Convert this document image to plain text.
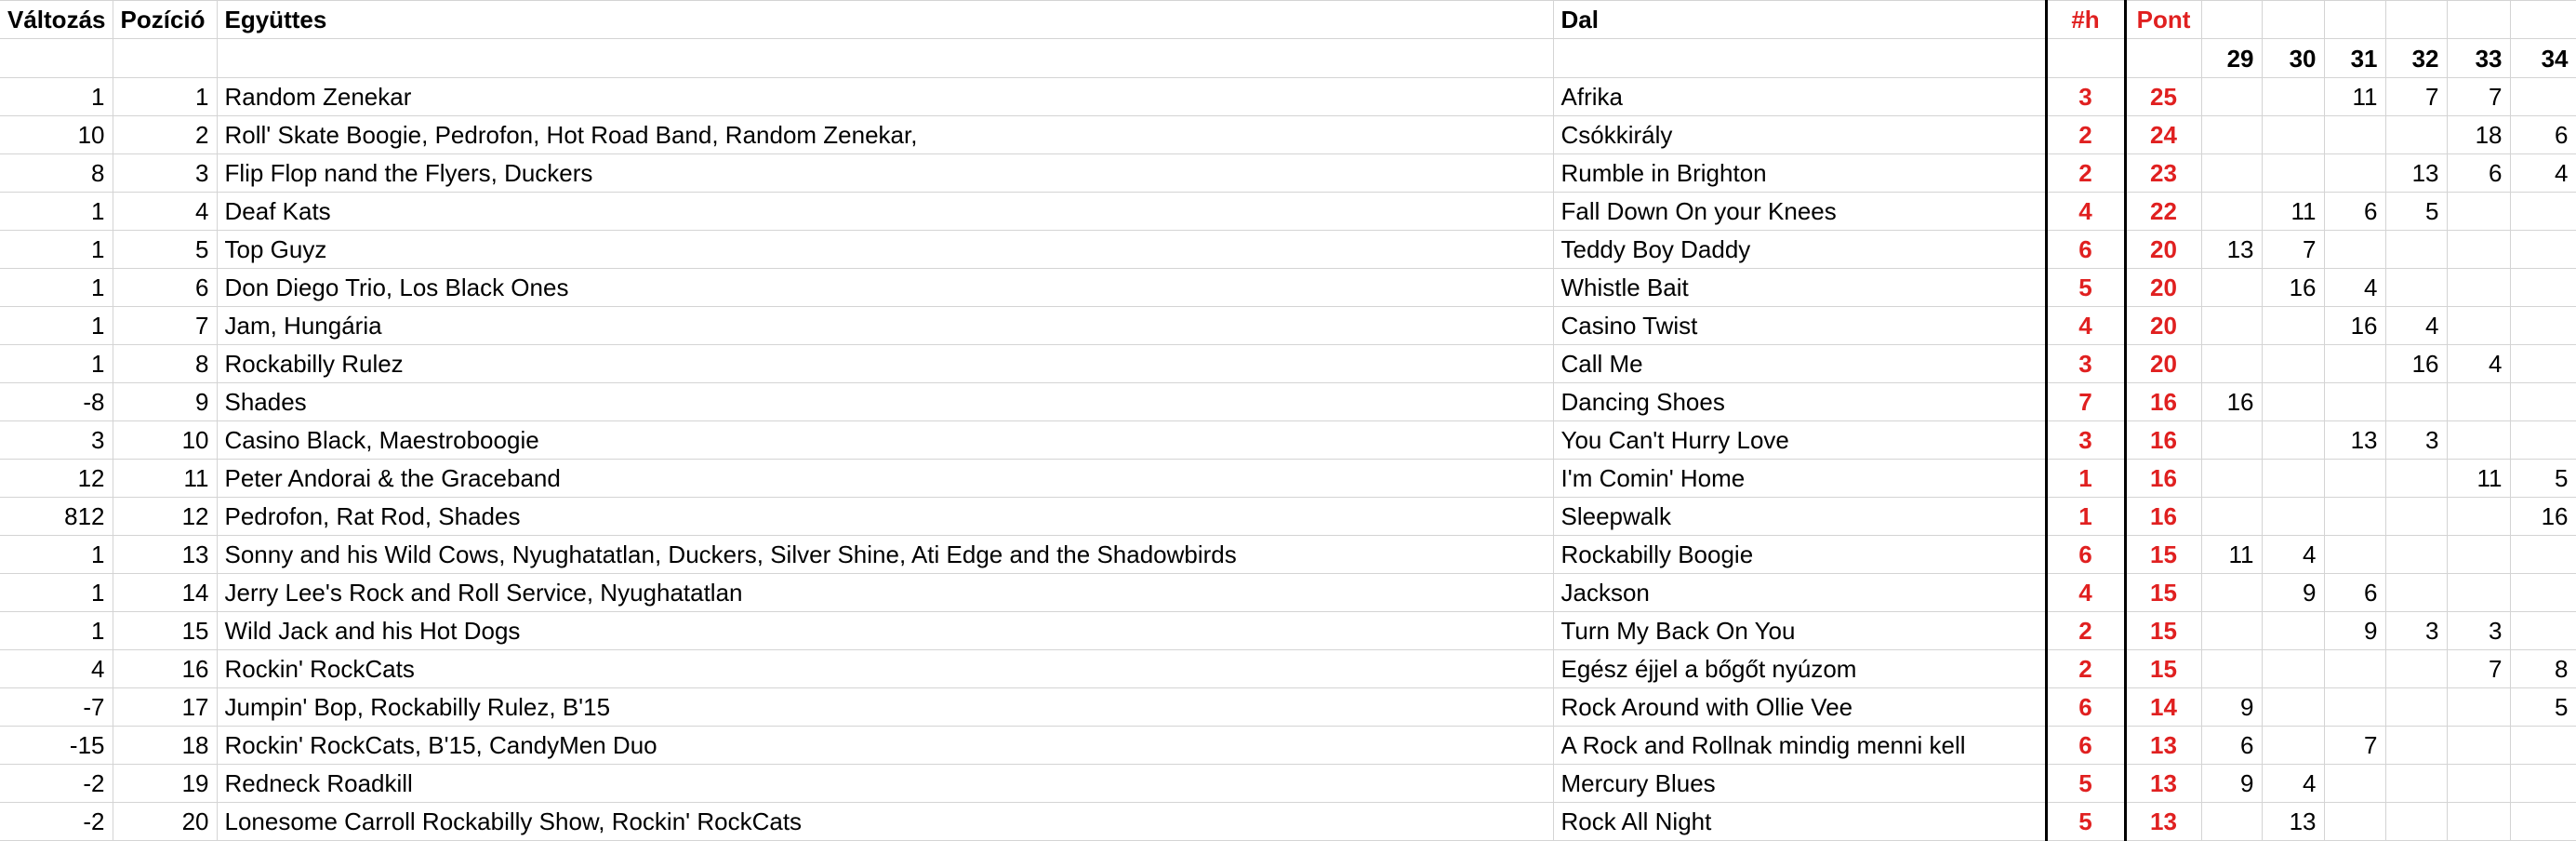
Változás	Pozíció	Együttes	Dal	#h	Pont						
						29	30	31	32	33	34
1	1	Random Zenekar	Afrika	3	25			11	7	7	
10	2	Roll' Skate Boogie, Pedrofon, Hot Road Band, Random Zenekar,	Csókkirály	2	24					18	6
8	3	Flip Flop nand the Flyers, Duckers	Rumble in Brighton	2	23				13	6	4
1	4	Deaf Kats	Fall Down On your Knees	4	22		11	6	5		
1	5	Top Guyz	Teddy Boy Daddy	6	20	13	7				
1	6	Don Diego Trio, Los Black Ones	Whistle Bait	5	20		16	4			
1	7	Jam, Hungária	Casino Twist	4	20			16	4		
1	8	Rockabilly Rulez	Call Me	3	20				16	4	
-8	9	Shades	Dancing Shoes	7	16	16					
3	10	Casino Black, Maestroboogie	You Can't Hurry Love	3	16			13	3		
12	11	Peter Andorai & the Graceband	I'm Comin' Home	1	16					11	5
812	12	Pedrofon, Rat Rod, Shades	Sleepwalk	1	16						16
1	13	Sonny and his Wild Cows, Nyughatatlan, Duckers, Silver Shine, Ati Edge and the Shadowbirds	Rockabilly Boogie	6	15	11	4				
1	14	Jerry Lee's Rock and Roll Service, Nyughatatlan	Jackson	4	15		9	6			
1	15	Wild Jack and his Hot Dogs	Turn My Back On You	2	15			9	3	3	
4	16	Rockin' RockCats	Egész éjjel a bőgőt nyúzom	2	15					7	8
-7	17	Jumpin' Bop, Rockabilly Rulez, B'15	Rock Around with Ollie Vee	6	14	9					5
-15	18	Rockin' RockCats, B'15, CandyMen Duo	A Rock and Rollnak mindig menni kell	6	13	6		7			
-2	19	Redneck Roadkill	Mercury Blues	5	13	9	4				
-2	20	Lonesome Carroll Rockabilly Show, Rockin' RockCats	Rock All Night	5	13		13				
